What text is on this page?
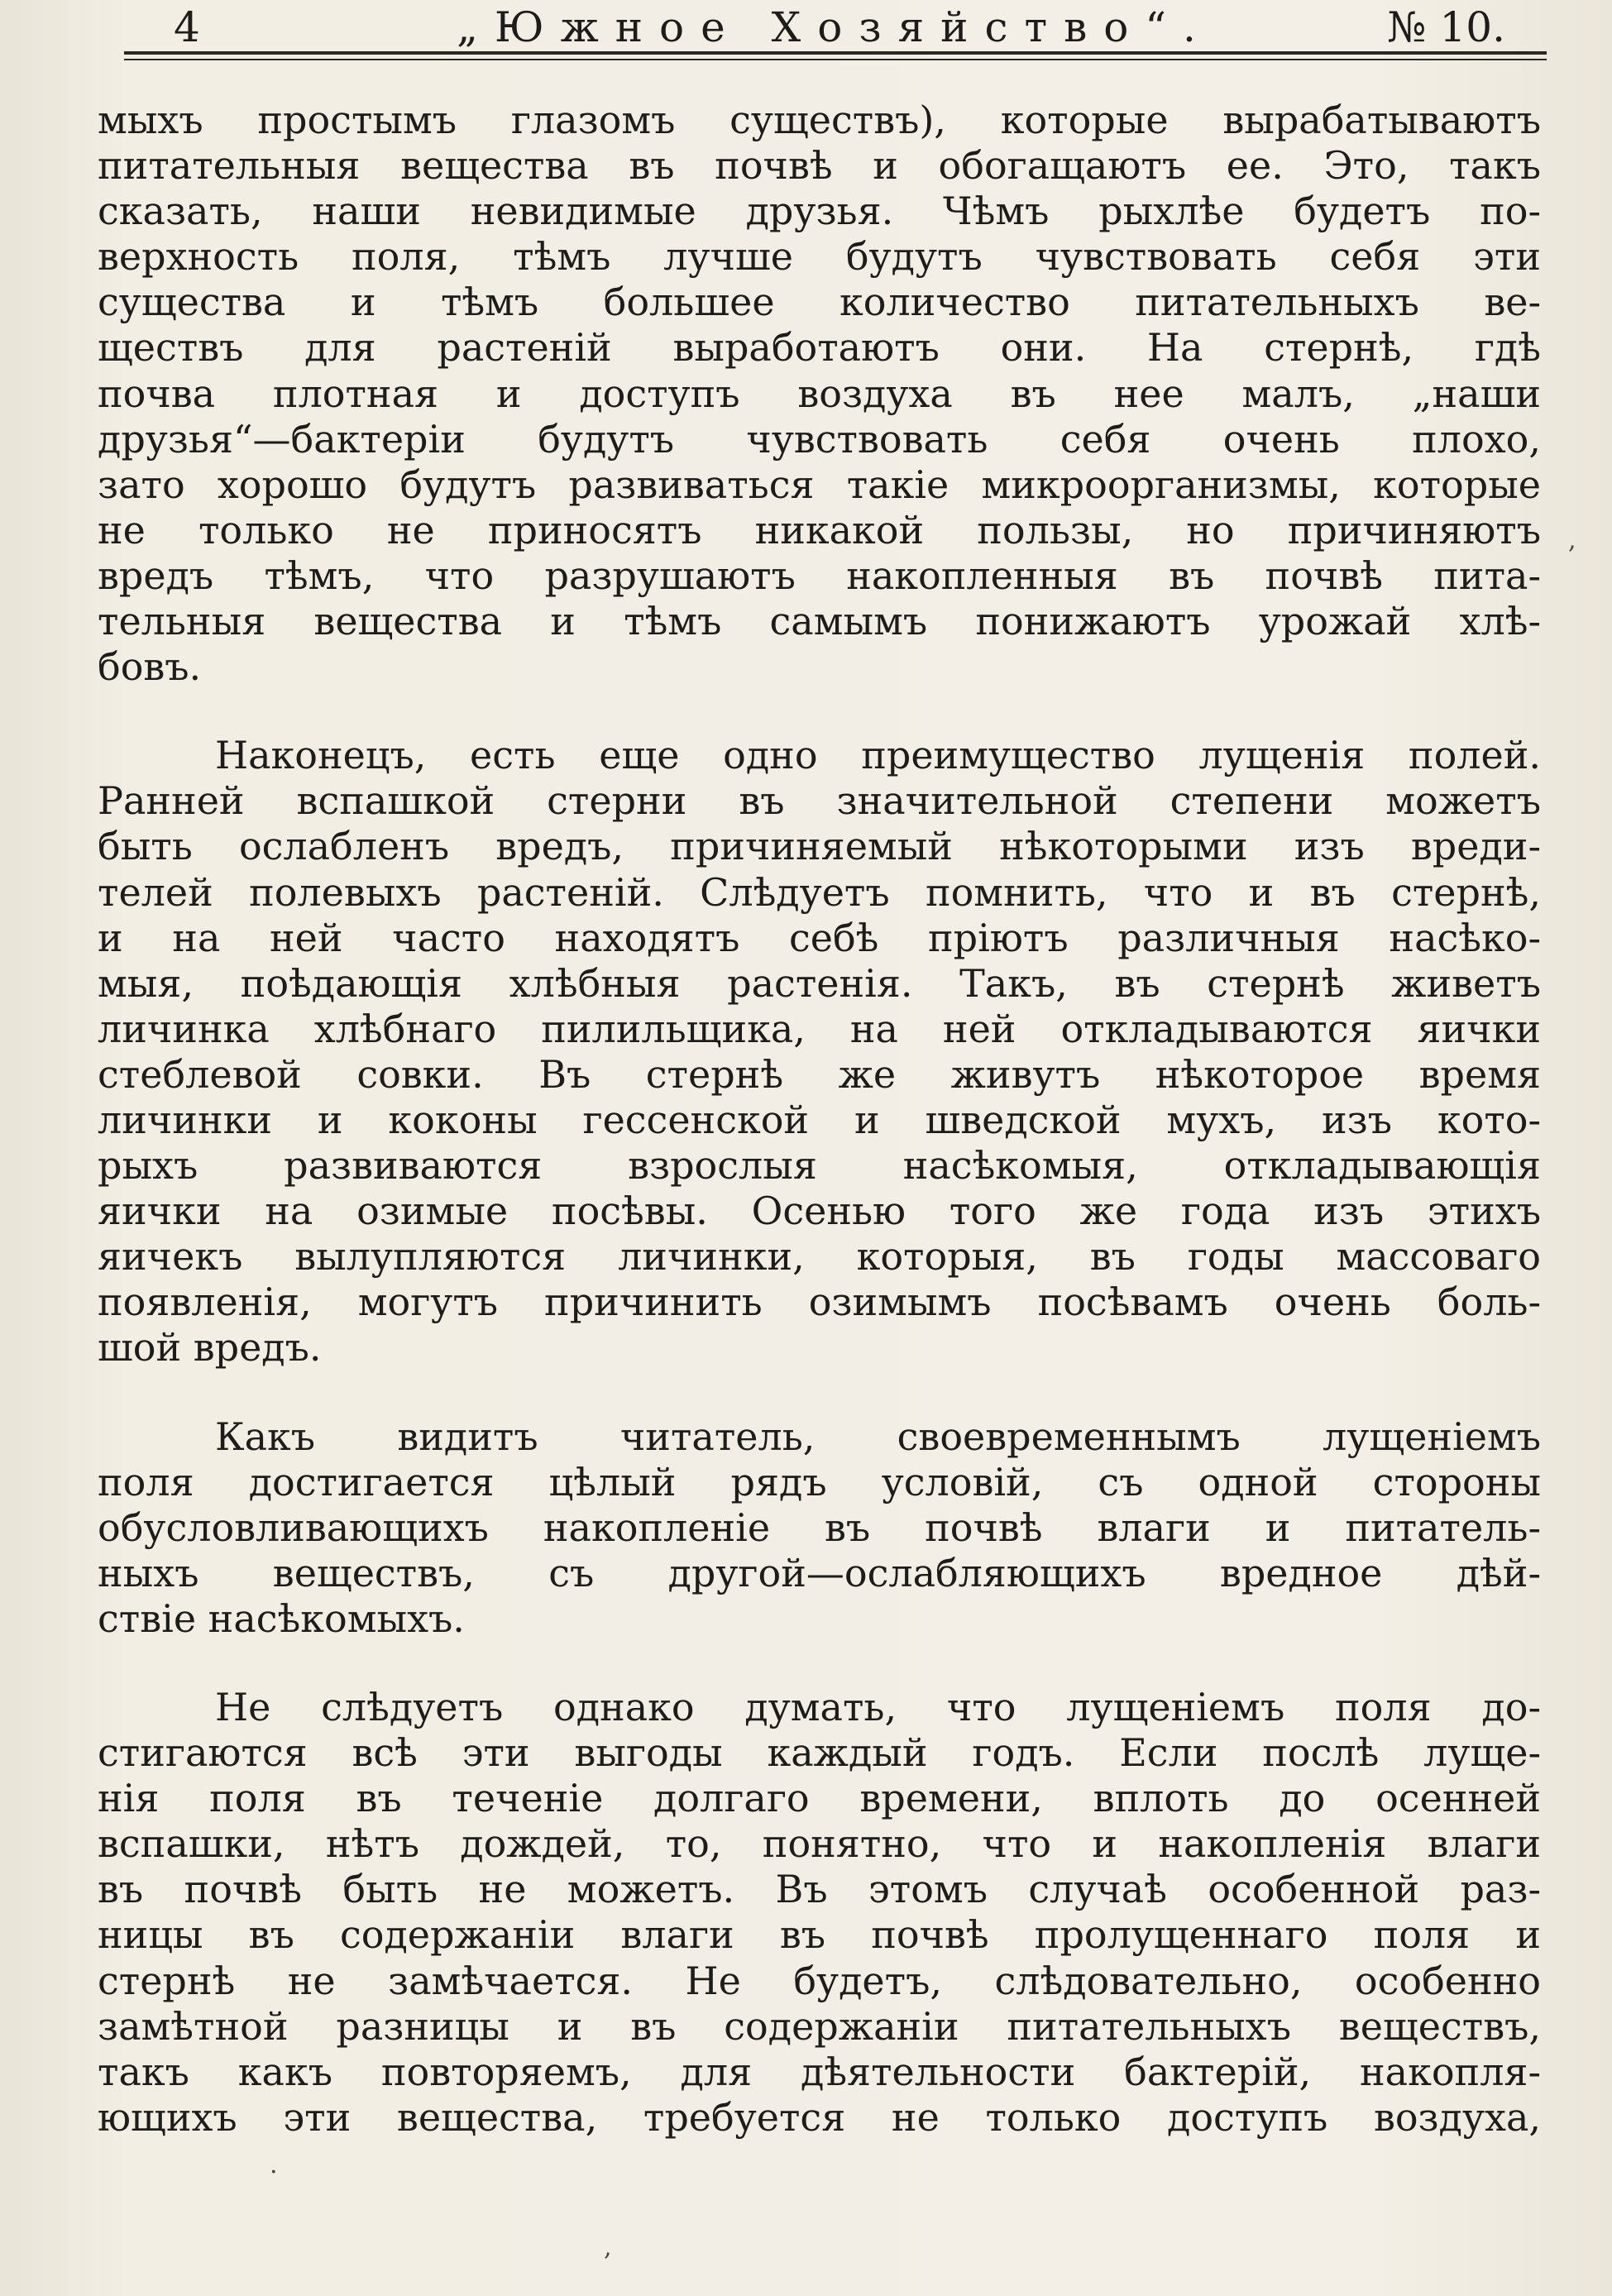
4	„Южное Хозяйство“.	№ 10.
мыхъ простымъ глазомъ существъ), которые вырабатываютъ
питательныя вещества въ почвѣ и обогащаютъ ее. Это, такъ
сказать, наши невидимые друзья. Чѣмъ рыхлѣе будетъ по-
верхность поля, тѣмъ лучше будутъ чувствовать себя эти
существа и тѣмъ большее количество питательныхъ ве-
ществъ для растеній выработаютъ они. На стернѣ, гдѣ
почва плотная и доступъ воздуха въ нее малъ, „наши
друзья“—бактеріи будутъ чувствовать себя очень плохо,
зато хорошо будутъ развиваться такіе микроорганизмы, которые
не только не приносятъ никакой пользы, но причиняютъ
вредъ тѣмъ, что разрушаютъ накопленныя въ почвѣ пита-
тельныя вещества и тѣмъ самымъ понижаютъ урожай хлѣ-
бовъ.
Наконецъ, есть еще одно преимущество лущенія полей.
Ранней вспашкой стерни въ значительной степени можетъ
быть ослабленъ вредъ, причиняемый нѣкоторыми изъ вреди-
телей полевыхъ растеній. Слѣдуетъ помнить, что и въ стернѣ,
и на ней часто находятъ себѣ пріютъ различныя насѣко-
мыя, поѣдающія хлѣбныя растенія. Такъ, въ стернѣ живетъ
личинка хлѣбнаго пилильщика, на ней откладываются яички
стеблевой совки. Въ стернѣ же живутъ нѣкоторое время
личинки и коконы гессенской и шведской мухъ, изъ кото-
рыхъ развиваются взрослыя насѣкомыя, откладывающія
яички на озимые посѣвы. Осенью того же года изъ этихъ
яичекъ вылупляются личинки, которыя, въ годы массоваго
появленія, могутъ причинить озимымъ посѣвамъ очень боль-
шой вредъ.
Какъ видитъ читатель, своевременнымъ лущеніемъ
поля достигается цѣлый рядъ условій, съ одной стороны
обусловливающихъ накопленіе въ почвѣ влаги и питатель-
ныхъ веществъ, съ другой—ослабляющихъ вредное дѣй-
ствіе насѣкомыхъ.
Не слѣдуетъ однако думать, что лущеніемъ поля до-
стигаются всѣ эти выгоды каждый годъ. Если послѣ луще-
нія поля въ теченіе долгаго времени, вплоть до осенней
вспашки, нѣтъ дождей, то, понятно, что и накопленія влаги
въ почвѣ быть не можетъ. Въ этомъ случаѣ особенной раз-
ницы въ содержаніи влаги въ почвѣ пролущеннаго поля и
стернѣ не замѣчается. Не будетъ, слѣдовательно, особенно
замѣтной разницы и въ содержаніи питательныхъ веществъ,
такъ какъ повторяемъ, для дѣятельности бактерій, накопля-
ющихъ эти вещества, требуется не только доступъ воздуха,
,
.
,
